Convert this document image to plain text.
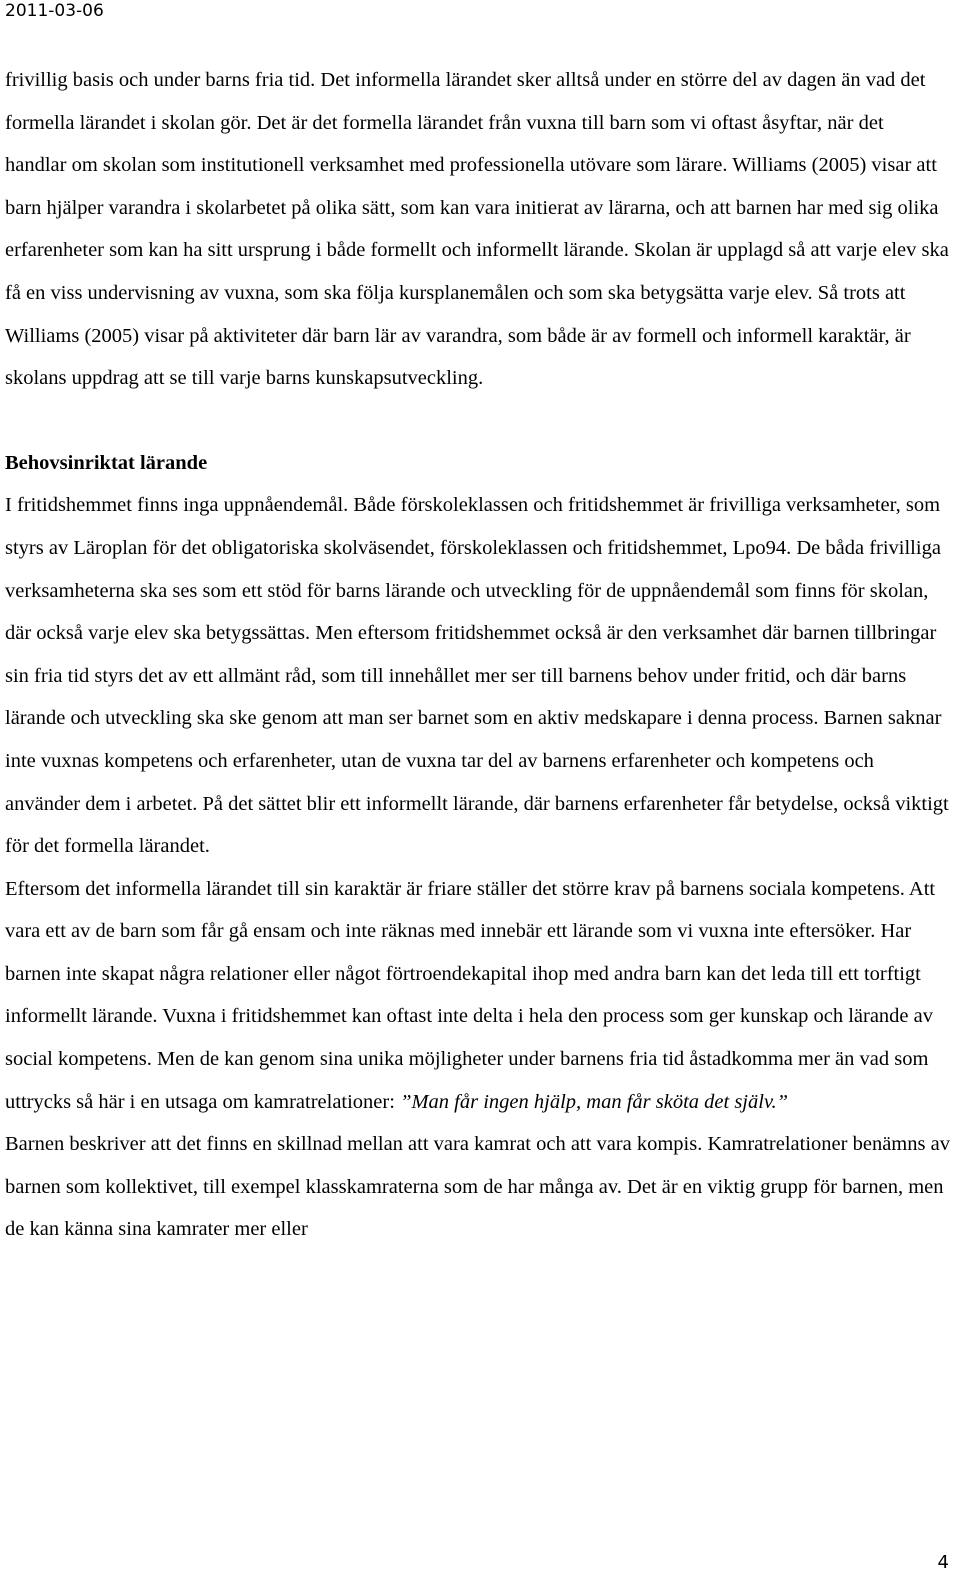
2011-03-06

frivillig basis och under barns fria tid. Det informella lärandet sker alltså under en större del av dagen än vad det formella lärandet i skolan gör. Det är det formella lärandet från vuxna till barn som vi oftast åsyftar, när det handlar om skolan som institutionell verksamhet med professionella utövare som lärare. Williams (2005) visar att barn hjälper varandra i skolarbetet på olika sätt, som kan vara initierat av lärarna, och att barnen har med sig olika erfarenheter som kan ha sitt ursprung i både formellt och informellt lärande. Skolan är upplagd så att varje elev ska få en viss undervisning av vuxna, som ska följa kursplanemålen och som ska betygsätta varje elev. Så trots att Williams (2005) visar på aktiviteter där barn lär av varandra, som både är av formell och informell karaktär, är skolans uppdrag att se till varje barns kunskapsutveckling.

Behovsinriktat lärande

I fritidshemmet finns inga uppnåendemål. Både förskoleklassen och fritidshemmet är frivilliga verksamheter, som styrs av Läroplan för det obligatoriska skolväsendet, förskoleklassen och fritidshemmet, Lpo94. De båda frivilliga verksamheterna ska ses som ett stöd för barns lärande och utveckling för de uppnåendemål som finns för skolan, där också varje elev ska betygssättas. Men eftersom fritidshemmet också är den verksamhet där barnen tillbringar sin fria tid styrs det av ett allmänt råd, som till innehållet mer ser till barnens behov under fritid, och där barns lärande och utveckling ska ske genom att man ser barnet som en aktiv medskapare i denna process. Barnen saknar inte vuxnas kompetens och erfarenheter, utan de vuxna tar del av barnens erfarenheter och kompetens och använder dem i arbetet. På det sättet blir ett informellt lärande, där barnens erfarenheter får betydelse, också viktigt för det formella lärandet.

Eftersom det informella lärandet till sin karaktär är friare ställer det större krav på barnens sociala kompetens. Att vara ett av de barn som får gå ensam och inte räknas med innebär ett lärande som vi vuxna inte eftersöker. Har barnen inte skapat några relationer eller något förtroendekapital ihop med andra barn kan det leda till ett torftigt informellt lärande. Vuxna i fritidshemmet kan oftast inte delta i hela den process som ger kunskap och lärande av social kompetens. Men de kan genom sina unika möjligheter under barnens fria tid åstadkomma mer än vad som uttrycks så här i en utsaga om kamratrelationer: ”Man får ingen hjälp, man får sköta det själv.”

Barnen beskriver att det finns en skillnad mellan att vara kamrat och att vara kompis. Kamratrelationer benämns av barnen som kollektivet, till exempel klasskamraterna som de har många av. Det är en viktig grupp för barnen, men de kan känna sina kamrater mer eller

4
